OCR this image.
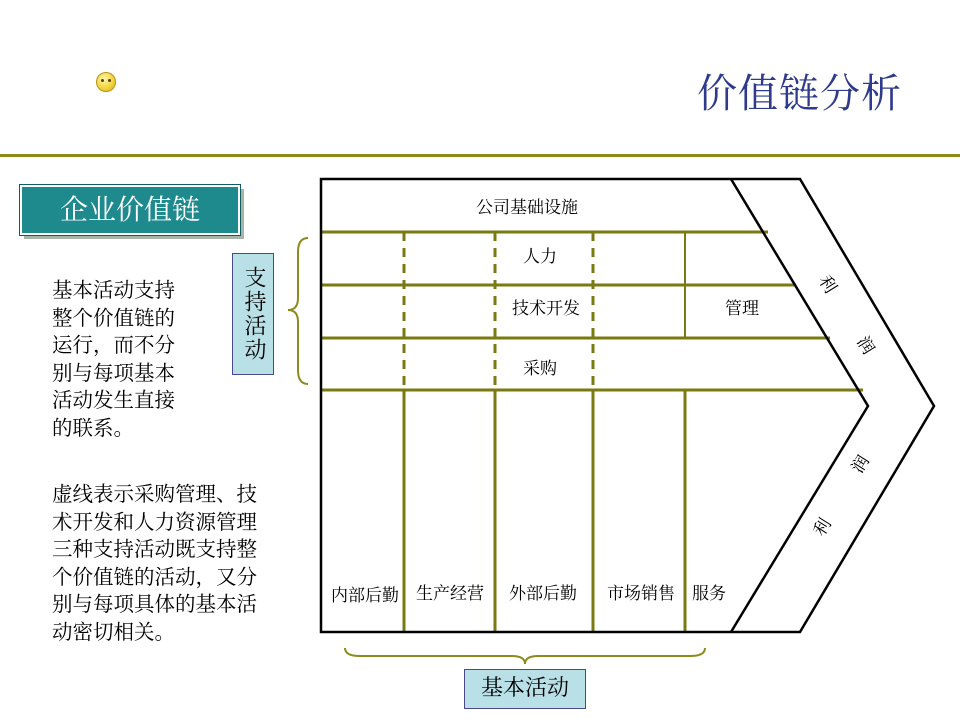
价值链分析
企业价值链
基本活动支持
整个价值链的
运行，而不分
别与每项基本
活动发生直接
的联系。
虚线表示采购管理、技
术开发和人力资源管理
三种支持活动既支持整
个价值链的活动，又分
别与每项具体的基本活
动密切相关。
公司基础设施
人力
技术开发	管理
采购
内部后勤 生产经营 外部后勤 市场销售 服务
利
润
润
利
支持活动
基本活动
